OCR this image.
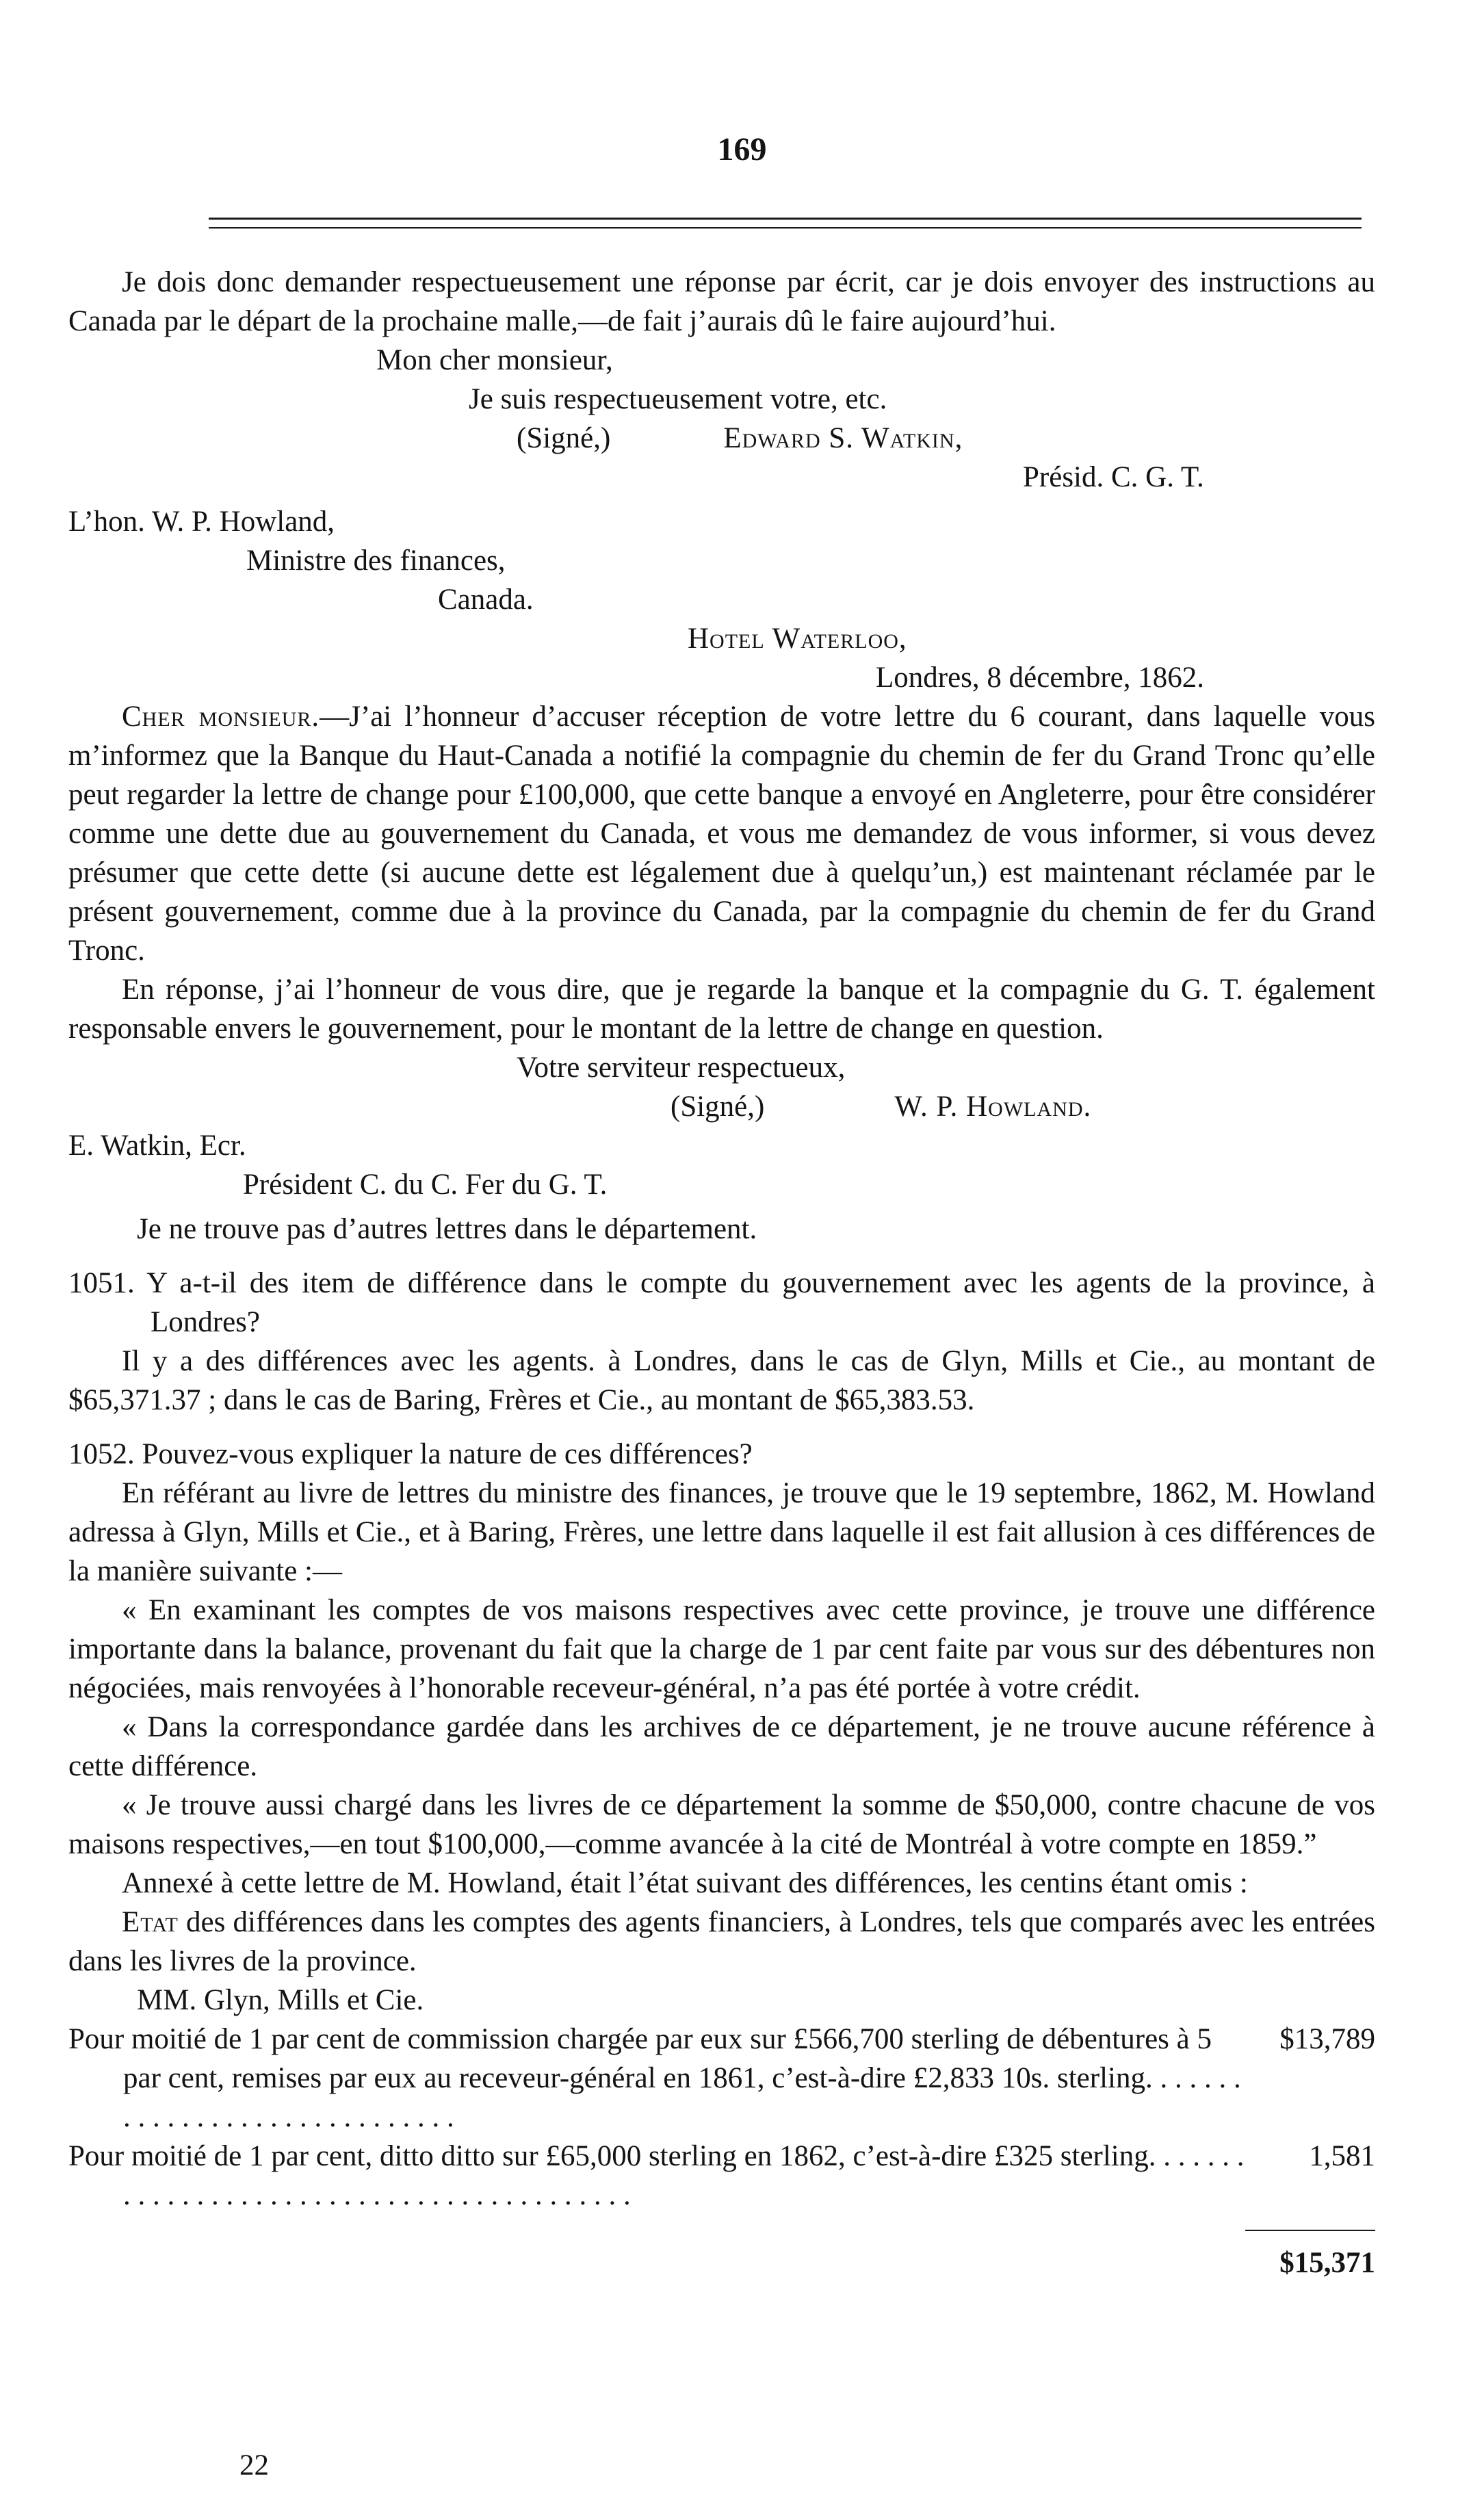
169

Je dois donc demander respectueusement une réponse par écrit, car je dois envoyer des instructions au Canada par le départ de la prochaine malle,—de fait j’aurais dû le faire aujourd’hui.

Mon cher monsieur,

Je suis respectueusement votre, etc.

(Signé,)	Edward S. Watkin,

Présid. C. G. T.

L’hon. W. P. Howland,

Ministre des finances,

Canada.

Hotel Waterloo,

Londres, 8 décembre, 1862.

Cher monsieur.—J’ai l’honneur d’accuser réception de votre lettre du 6 courant, dans laquelle vous m’informez que la Banque du Haut-Canada a notifié la compagnie du chemin de fer du Grand Tronc qu’elle peut regarder la lettre de change pour £100,000, que cette banque a envoyé en Angleterre, pour être considérer comme une dette due au gouvernement du Canada, et vous me demandez de vous informer, si vous devez présumer que cette dette (si aucune dette est légalement due à quelqu’un,) est maintenant réclamée par le présent gouvernement, comme due à la province du Canada, par la compagnie du chemin de fer du Grand Tronc.

En réponse, j’ai l’honneur de vous dire, que je regarde la banque et la compagnie du G. T. également responsable envers le gouvernement, pour le montant de la lettre de change en question.

Votre serviteur respectueux,

(Signé,)	W. P. Howland.

E. Watkin, Ecr.

Président C. du C. Fer du G. T.

Je ne trouve pas d’autres lettres dans le département.

1051. Y a-t-il des item de différence dans le compte du gouvernement avec les agents de la province, à Londres?

Il y a des différences avec les agents. à Londres, dans le cas de Glyn, Mills et Cie., au montant de $65,371.37 ; dans le cas de Baring, Frères et Cie., au montant de $65,383.53.

1052. Pouvez-vous expliquer la nature de ces différences?

En référant au livre de lettres du ministre des finances, je trouve que le 19 septembre, 1862, M. Howland adressa à Glyn, Mills et Cie., et à Baring, Frères, une lettre dans laquelle il est fait allusion à ces différences de la manière suivante :—

« En examinant les comptes de vos maisons respectives avec cette province, je trouve une différence importante dans la balance, provenant du fait que la charge de 1 par cent faite par vous sur des débentures non négociées, mais renvoyées à l’honorable receveur-général, n’a pas été portée à votre crédit.

« Dans la correspondance gardée dans les archives de ce département, je ne trouve aucune référence à cette différence.

« Je trouve aussi chargé dans les livres de ce département la somme de $50,000, contre chacune de vos maisons respectives,—en tout $100,000,—comme avancée à la cité de Montréal à votre compte en 1859.”

Annexé à cette lettre de M. Howland, était l’état suivant des différences, les centins étant omis :

Etat des différences dans les comptes des agents financiers, à Londres, tels que comparés avec les entrées dans les livres de la province.

MM. Glyn, Mills et Cie.

Pour moitié de 1 par cent de commission chargée par eux sur £566,700 sterling de débentures à 5 par cent, remises par eux au receveur-général en 1861, c’est-à-dire £2,833 10s. sterling. . . . . . . . . . . . . . . . . . . . . . . . . . . . . .
$13,789
Pour moitié de 1 par cent, ditto ditto sur £65,000 sterling en 1862, c’est-à-dire £325 sterling. . . . . . . . . . . . . . . . . . . . . . . . . . . . . . . . . . . . . . . . . .
1,581

$15,371

22
